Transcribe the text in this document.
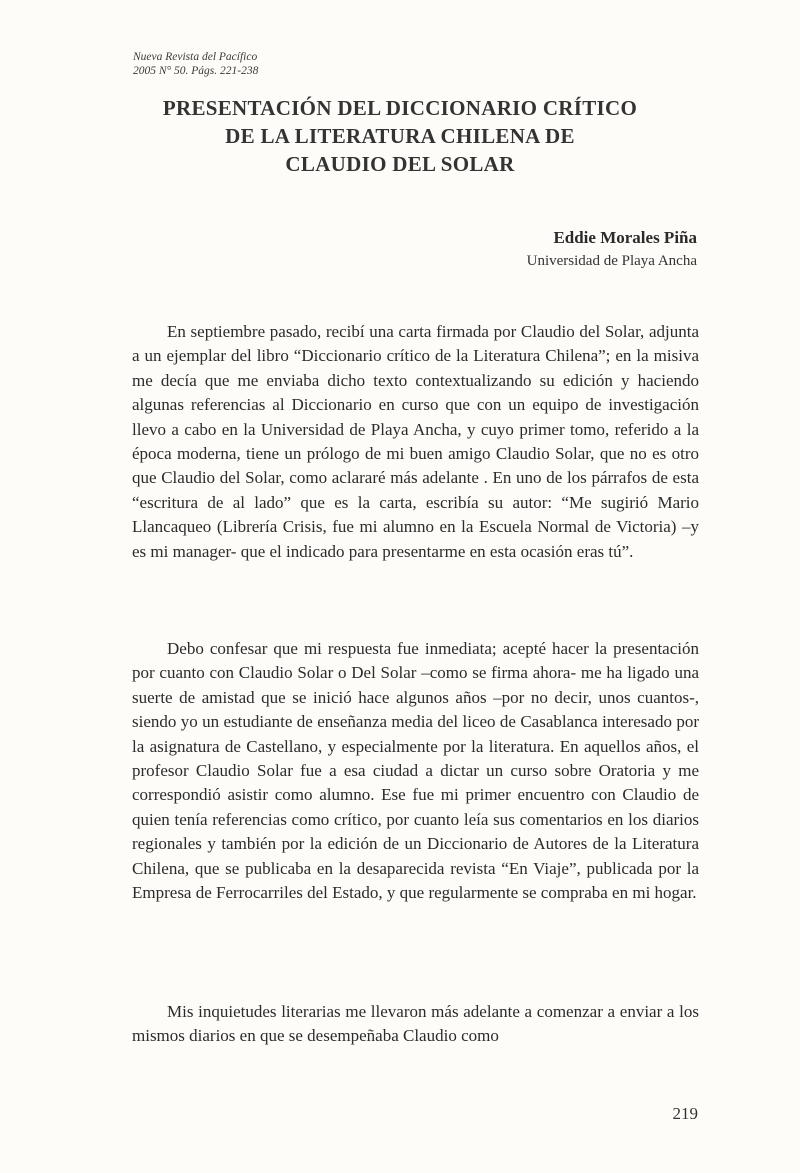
Nueva Revista del Pacífico
2005 N° 50. Págs. 221-238
PRESENTACIÓN DEL DICCIONARIO CRÍTICO
DE LA LITERATURA CHILENA DE
CLAUDIO DEL SOLAR
Eddie Morales Piña
Universidad de Playa Ancha

En septiembre pasado, recibí una carta firmada por Claudio del Solar, adjunta a un ejemplar del libro “Diccionario crítico de la Literatura Chilena”; en la misiva me decía que me enviaba dicho texto contextualizando su edición y haciendo algunas referencias al Diccionario en curso que con un equipo de investigación llevo a cabo en la Universidad de Playa Ancha, y cuyo primer tomo, referido a la época moderna, tiene un prólogo de mi buen amigo Claudio Solar, que no es otro que Claudio del Solar, como aclararé más adelante . En uno de los párrafos de esta “escritura de al lado” que es la carta, escribía su autor: “Me sugirió Mario Llancaqueo (Librería Crisis, fue mi alumno en la Escuela Normal de Victoria) –y es mi manager- que el indicado para presentarme en esta ocasión eras tú”.

Debo confesar que mi respuesta fue inmediata; acepté hacer la presentación por cuanto con Claudio Solar o Del Solar –como se firma ahora- me ha ligado una suerte de amistad que se inició hace algunos años –por no decir, unos cuantos-, siendo yo un estudiante de enseñanza media del liceo de Casablanca interesado por la asignatura de Castellano, y especialmente por la literatura. En aquellos años, el profesor Claudio Solar fue a esa ciudad a dictar un curso sobre Oratoria y me correspondió asistir como alumno. Ese fue mi primer encuentro con Claudio de quien tenía referencias como crítico, por cuanto leía sus comentarios en los diarios regionales y también por la edición de un Diccionario de Autores de la Literatura Chilena, que se publicaba en la desaparecida revista “En Viaje”, publicada por la Empresa de Ferrocarriles del Estado, y que regularmente se compraba en mi hogar.

Mis inquietudes literarias me llevaron más adelante a comenzar a enviar a los mismos diarios en que se desempeñaba Claudio como

219
